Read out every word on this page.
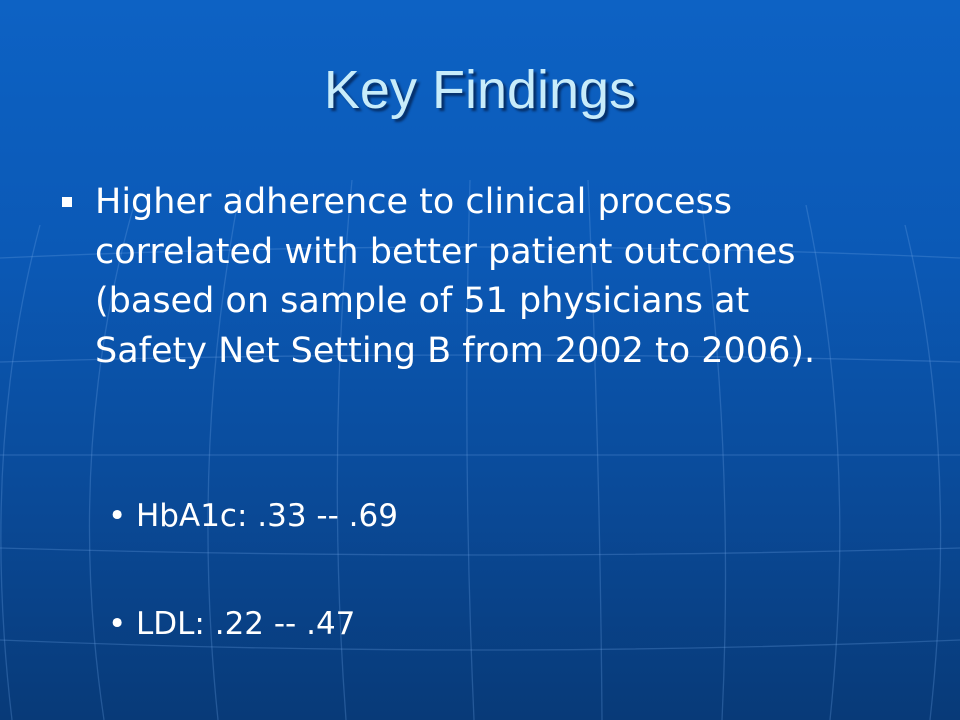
Key Findings
Higher adherence to clinical process correlated with better patient outcomes (based on sample of 51 physicians at Safety Net Setting B from 2002 to 2006).
• HbA1c: .33 -- .69
• LDL: .22 -- .47
